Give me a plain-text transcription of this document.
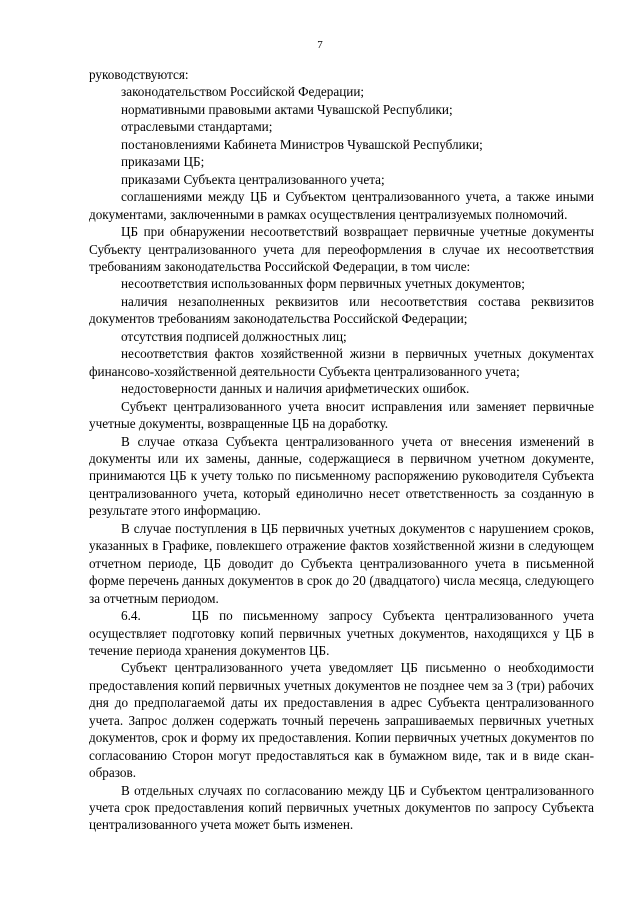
7

руководствуются:

законодательством Российской Федерации;

нормативными правовыми актами Чувашской Республики;

отраслевыми стандартами;

постановлениями Кабинета Министров Чувашской Республики;

приказами ЦБ;

приказами Субъекта централизованного учета;

соглашениями между ЦБ и Субъектом централизованного учета, а также иными документами, заключенными в рамках осуществления централизуемых полномочий.

ЦБ при обнаружении несоответствий возвращает первичные учетные документы Субъекту централизованного учета для переоформления в случае их несоответствия требованиям законодательства Российской Федерации, в том числе:

несоответствия использованных форм первичных учетных документов;

наличия незаполненных реквизитов или несоответствия состава реквизитов документов требованиям законодательства Российской Федерации;

отсутствия подписей должностных лиц;

несоответствия фактов хозяйственной жизни в первичных учетных документах финансово-хозяйственной деятельности Субъекта централизованного учета;

недостоверности данных и наличия арифметических ошибок.

Субъект централизованного учета вносит исправления или заменяет первичные учетные документы, возвращенные ЦБ на доработку.

В случае отказа Субъекта централизованного учета от внесения изменений в документы или их замены, данные, содержащиеся в первичном учетном документе, принимаются ЦБ к учету только по письменному распоряжению руководителя Субъекта централизованного учета, который единолично несет ответственность за созданную в результате этого информацию.

В случае поступления в ЦБ первичных учетных документов с нарушением сроков, указанных в Графике, повлекшего отражение фактов хозяйственной жизни в следующем отчетном периоде, ЦБ доводит до Субъекта централизованного учета в письменной форме перечень данных документов в срок до 20 (двадцатого) числа месяца, следующего за отчетным периодом.

6.4.     ЦБ по письменному запросу Субъекта централизованного учета осуществляет подготовку копий первичных учетных документов, находящихся у ЦБ в течение периода хранения документов ЦБ.

Субъект централизованного учета уведомляет ЦБ письменно о необходимости предоставления копий первичных учетных документов не позднее чем за 3 (три) рабочих дня до предполагаемой даты их предоставления в адрес Субъекта централизованного учета. Запрос должен содержать точный перечень запрашиваемых первичных учетных документов, срок и форму их предоставления. Копии первичных учетных документов по согласованию Сторон могут предоставляться как в бумажном виде, так и в виде скан-образов.

В отдельных случаях по согласованию между ЦБ и Субъектом централизованного учета срок предоставления копий первичных учетных документов по запросу Субъекта централизованного учета может быть изменен.
